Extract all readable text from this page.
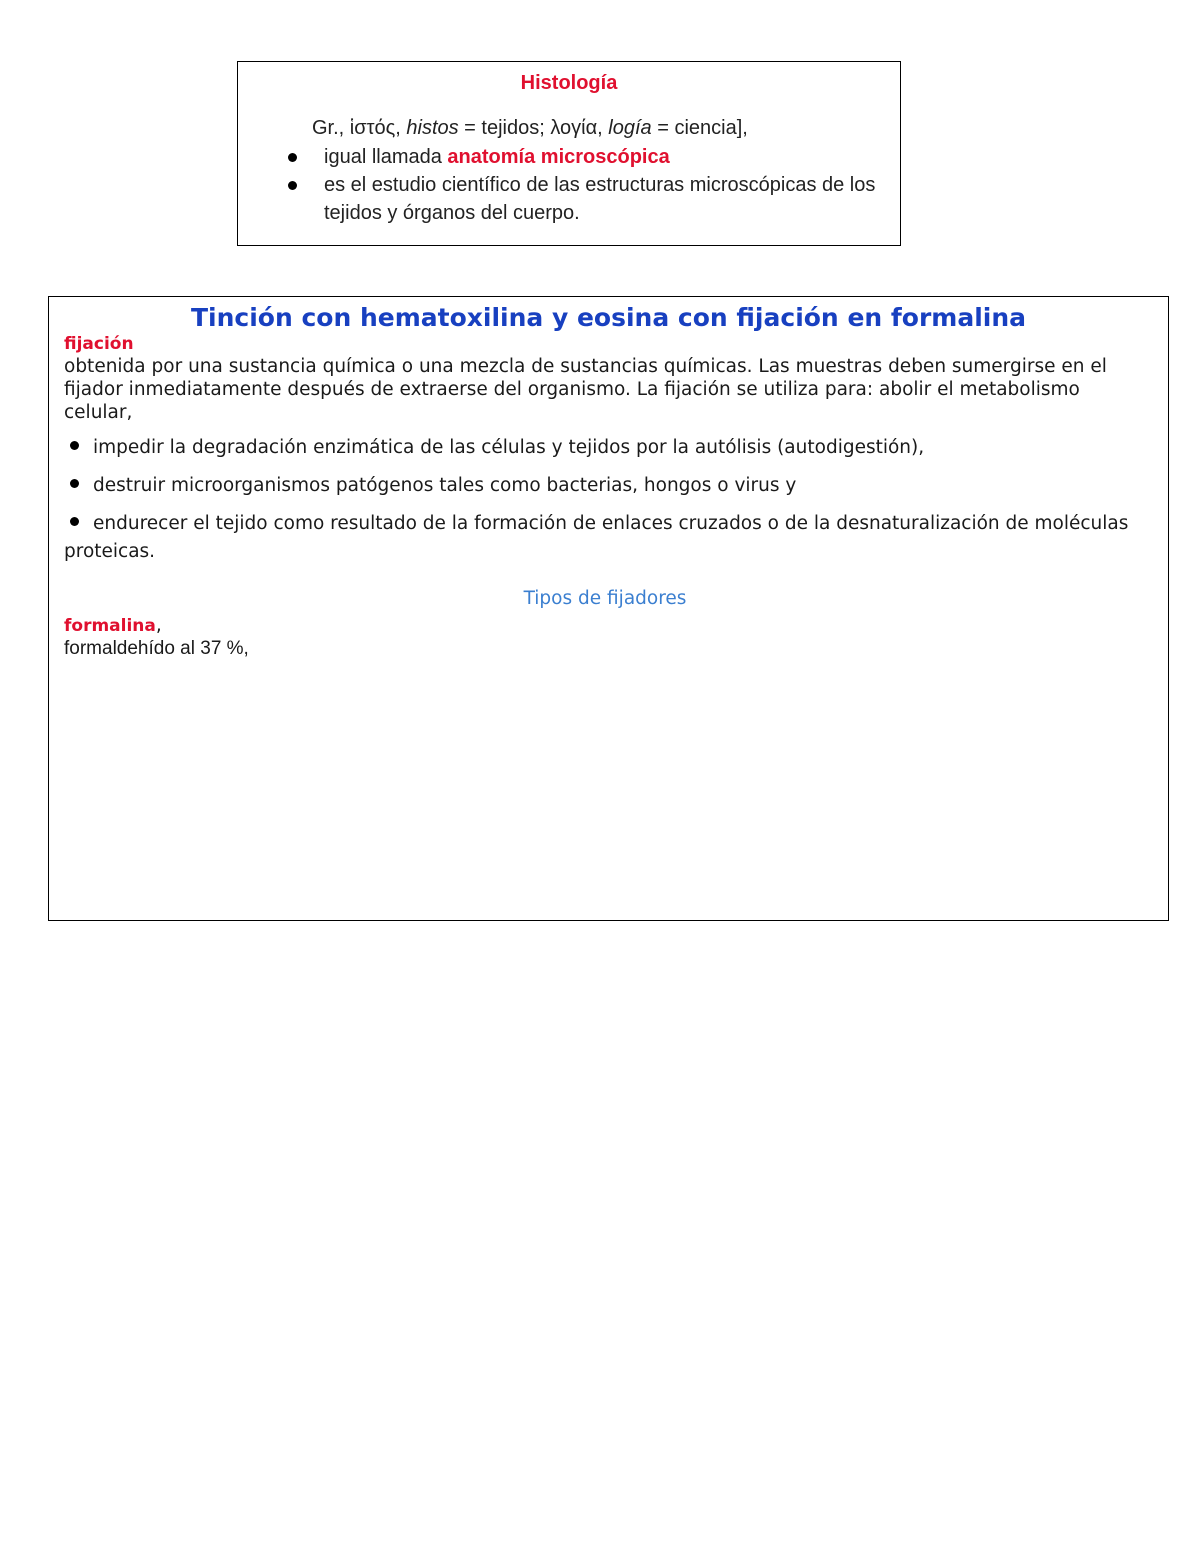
Histología
Gr., ἱστός, histos = tejidos; λογία, logía = ciencia],
igual llamada anatomía microscópica
es el estudio científico de las estructuras microscópicas de los tejidos y órganos del cuerpo.
Tinción con hematoxilina y eosina con fijación en formalina
fijación
obtenida por una sustancia química o una mezcla de sustancias químicas. Las muestras deben sumergirse en el fijador inmediatamente después de extraerse del organismo. La fijación se utiliza para: abolir el metabolismo celular,
impedir la degradación enzimática de las células y tejidos por la autólisis (autodigestión),
destruir microorganismos patógenos tales como bacterias, hongos o virus y
endurecer el tejido como resultado de la formación de enlaces cruzados o de la desnaturalización de moléculas proteicas.
Tipos de fijadores
formalina,
formaldehído al 37 %,
